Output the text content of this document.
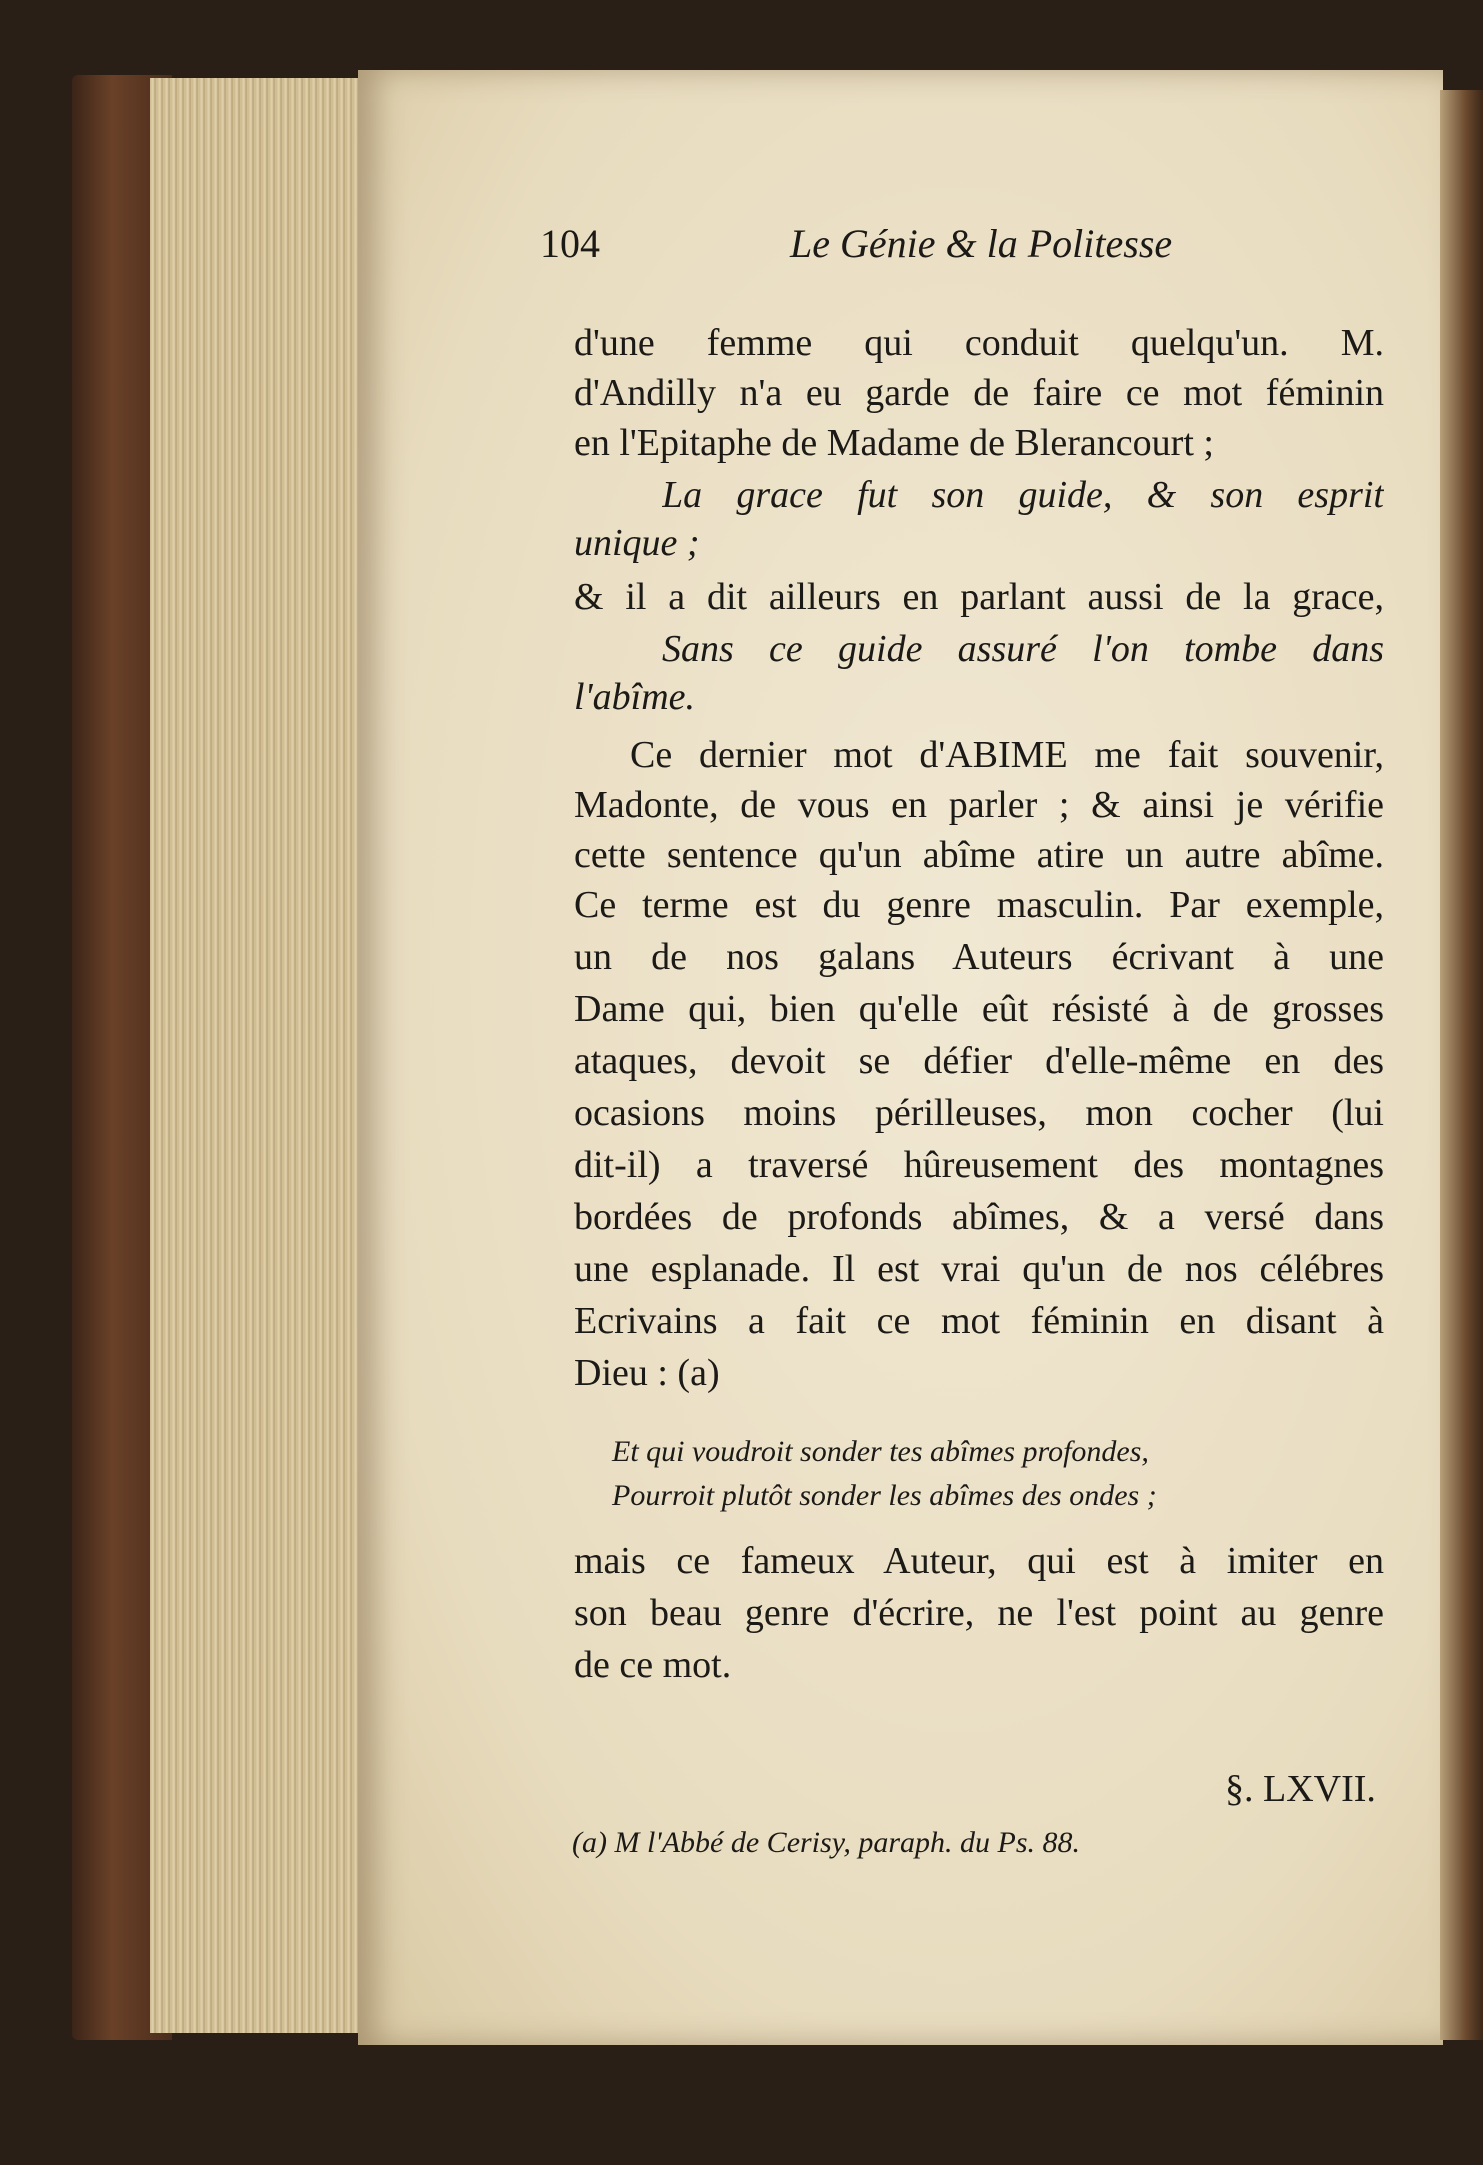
104	Le Génie & la Politesse
d'une femme qui conduit quelqu'un. M.
d'Andilly n'a eu garde de faire ce mot féminin
en l'Epitaphe de Madame de Blerancourt ;
La grace fut son guide, & son esprit
unique ;
& il a dit ailleurs en parlant aussi de la grace,
Sans ce guide assuré l'on tombe dans
l'abîme.
Ce dernier mot d'ABIME me fait souvenir,
Madonte, de vous en parler ; & ainsi je vérifie
cette sentence qu'un abîme atire un autre abîme.
Ce terme est du genre masculin. Par exemple,
un de nos galans Auteurs écrivant à une
Dame qui, bien qu'elle eût résisté à de grosses
ataques, devoit se défier d'elle-même en des
ocasions moins périlleuses, mon cocher (lui
dit-il) a traversé hûreusement des montagnes
bordées de profonds abîmes, & a versé dans
une esplanade. Il est vrai qu'un de nos célébres
Ecrivains a fait ce mot féminin en disant à
Dieu : (a)
Et qui voudroit sonder tes abîmes profondes,
Pourroit plutôt sonder les abîmes des ondes ;
mais ce fameux Auteur, qui est à imiter en
son beau genre d'écrire, ne l'est point au genre
de ce mot.
§. LXVII.
(a) M l'Abbé de Cerisy, paraph. du Ps. 88.
